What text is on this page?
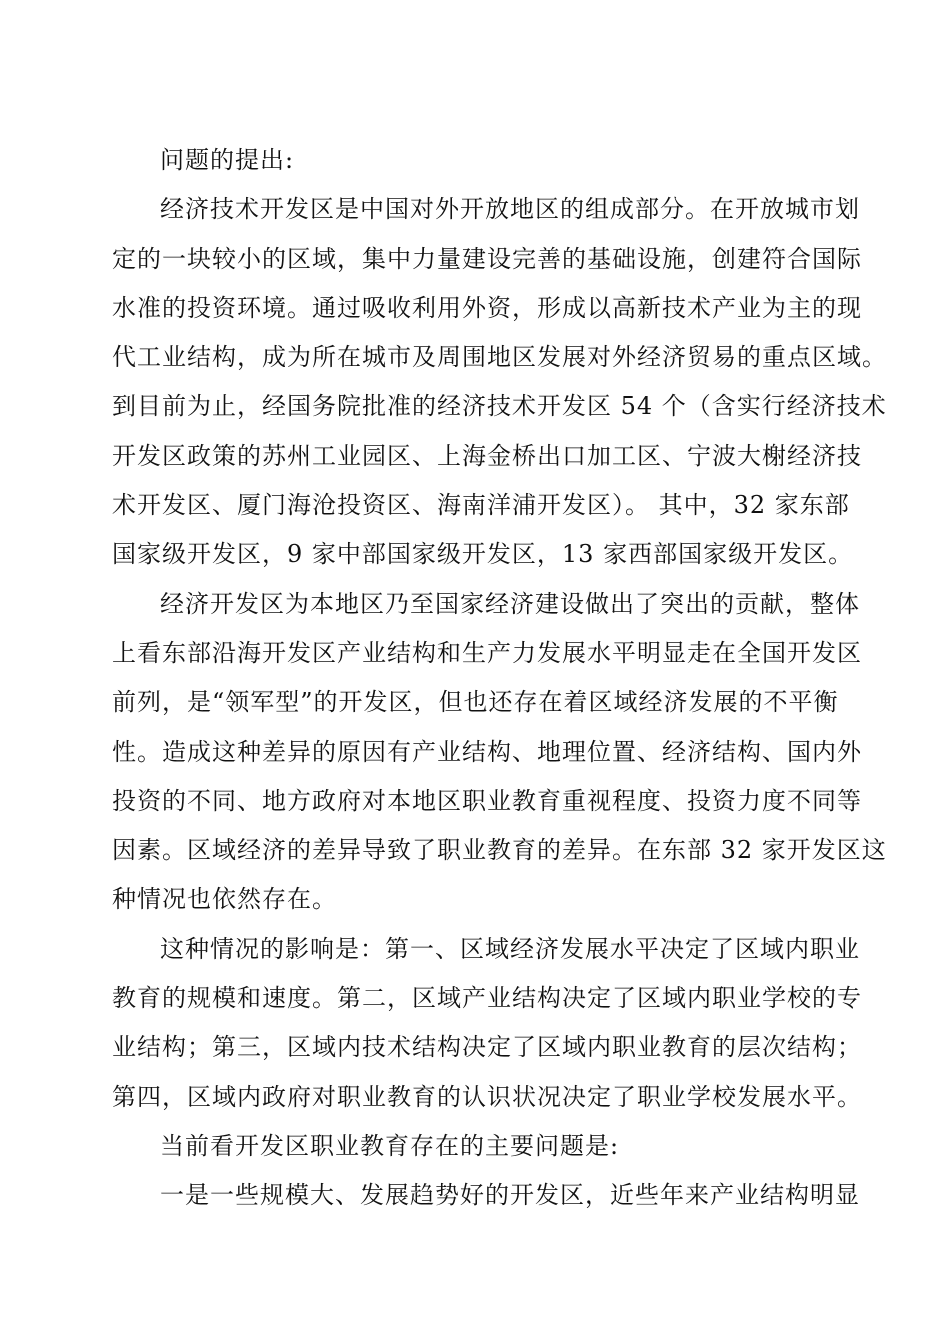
问题的提出:

经济技术开发区是中国对外开放地区的组成部分。在开放城市划
定的一块较小的区域，集中力量建设完善的基础设施，创建符合国际
水准的投资环境。通过吸收利用外资，形成以高新技术产业为主的现
代工业结构，成为所在城市及周围地区发展对外经济贸易的重点区域。
到目前为止，经国务院批准的经济技术开发区 54 个（含实行经济技术
开发区政策的苏州工业园区、上海金桥出口加工区、宁波大榭经济技
术开发区、厦门海沧投资区、海南洋浦开发区）。 其中，32 家东部
国家级开发区，9 家中部国家级开发区，13 家西部国家级开发区。

经济开发区为本地区乃至国家经济建设做出了突出的贡献，整体
上看东部沿海开发区产业结构和生产力发展水平明显走在全国开发区
前列，是“领军型”的开发区，但也还存在着区域经济发展的不平衡
性。造成这种差异的原因有产业结构、地理位置、经济结构、国内外
投资的不同、地方政府对本地区职业教育重视程度、投资力度不同等
因素。区域经济的差异导致了职业教育的差异。在东部 32 家开发区这
种情况也依然存在。

这种情况的影响是：第一、区域经济发展水平决定了区域内职业
教育的规模和速度。第二，区域产业结构决定了区域内职业学校的专
业结构；第三，区域内技术结构决定了区域内职业教育的层次结构；
第四，区域内政府对职业教育的认识状况决定了职业学校发展水平。

当前看开发区职业教育存在的主要问题是:

一是一些规模大、发展趋势好的开发区，近些年来产业结构明显
